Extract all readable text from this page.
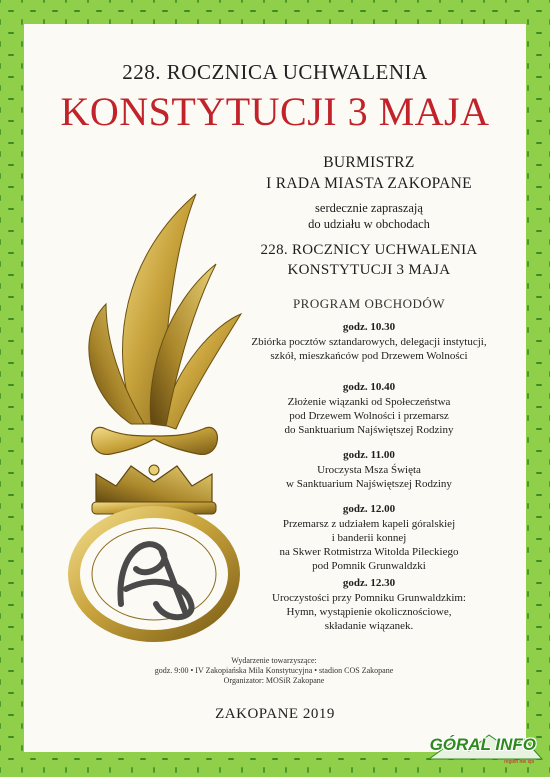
228. ROCZNICA UCHWALENIA
KONSTYTUCJI 3 MAJA
BURMISTRZ
I RADA MIASTA ZAKOPANE
serdecznie zapraszają
do udziału w obchodach
228. ROCZNICY UCHWALENIA
KONSTYTUCJI 3 MAJA
PROGRAM OBCHODÓW
godz. 10.30
Zbiórka pocztów sztandarowych, delegacji instytucji,
szkół, mieszkańców pod Drzewem Wolności
godz. 10.40
Złożenie wiązanki od Społeczeństwa
pod Drzewem Wolności i przemarsz
do Sanktuarium Najświętszej Rodziny
godz. 11.00
Uroczysta Msza Święta
w Sanktuarium Najświętszej Rodziny
godz. 12.00
Przemarsz z udziałem kapeli góralskiej
i banderii konnej
na Skwer Rotmistrza Witolda Pileckiego
pod Pomnik Grunwaldzki
godz. 12.30
Uroczystości przy Pomniku Grunwaldzkim:
Hymn, wystąpienie okolicznościowe,
składanie wiązanek.
Wydarzenie towarzyszące:
godz. 9:00 • IV Zakopiańska Mila Konstytucyjna • stadion COS Zakopane
Organizator: MOSiR Zakopane
ZAKOPANE 2019
GÓRAL INFO
region nie śpi
